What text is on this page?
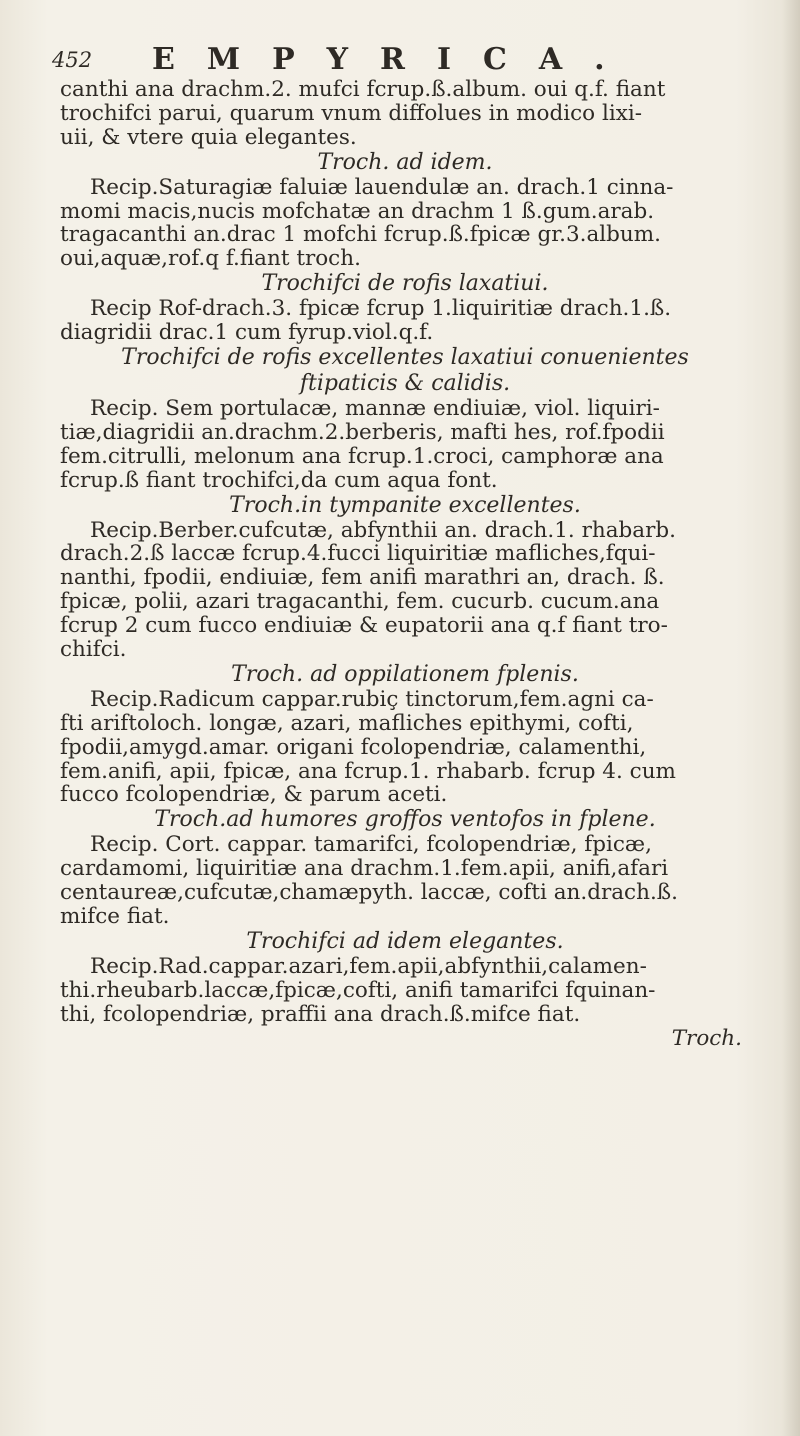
452 EMPYRICA.
canthi ana drachm.2. mufci fcrup.ß.album. oui q.f. fiant
trochifci parui, quarum vnum diffolues in modico lixi-
uii, & vtere quia elegantes.
Troch. ad idem.
Recip.Saturagiæ faluiæ lauendulæ an. drach.1 cinna-
momi macis,nucis mofchatæ an drachm 1 ß.gum.arab.
tragacanthi an.drac 1 mofchi fcrup.ß.fpicæ gr.3.album.
oui,aquæ,rof.q f.fiant troch.
Trochifci de rofis laxatiui.
Recip Rof-drach.3. fpicæ fcrup 1.liquiritiæ drach.1.ß.
diagridii drac.1 cum fyrup.viol.q.f.
Trochifci de rofis excellentes laxatiui conuenientes
ftipaticis & calidis.
Recip. Sem portulacæ, mannæ endiuiæ, viol. liquiri-
tiæ,diagridii an.drachm.2.berberis, mafti hes, rof.fpodii
fem.citrulli, melonum ana fcrup.1.croci, camphoræ ana
fcrup.ß fiant trochifci,da cum aqua font.
Troch.in tympanite excellentes.
Recip.Berber.cufcutæ, abfynthii an. drach.1. rhabarb.
drach.2.ß laccæ fcrup.4.fucci liquiritiæ mafliches,fqui-
nanthi, fpodii, endiuiæ, fem anifi marathri an, drach. ß.
fpicæ, polii, azari tragacanthi, fem. cucurb. cucum.ana
fcrup 2 cum fucco endiuiæ & eupatorii ana q.f fiant tro-
chifci.
Troch. ad oppilationem fplenis.
Recip.Radicum cappar.rubiç tinctorum,fem.agni ca-
fti ariftoloch. longæ, azari, mafliches epithymi, cofti,
fpodii,amygd.amar. origani fcolopendriæ, calamenthi,
fem.anifi, apii, fpicæ, ana fcrup.1. rhabarb. fcrup 4. cum
fucco fcolopendriæ, & parum aceti.
Troch.ad humores groffos ventofos in fplene.
Recip. Cort. cappar. tamarifci, fcolopendriæ, fpicæ,
cardamomi, liquiritiæ ana drachm.1.fem.apii, anifi,afari
centaureæ,cufcutæ,chamæpyth. laccæ, cofti an.drach.ß.
mifce fiat.
Trochifci ad idem elegantes.
Recip.Rad.cappar.azari,fem.apii,abfynthii,calamen-
thi.rheubarb.laccæ,fpicæ,cofti, anifi tamarifci fquinan-
thi, fcolopendriæ, praffii ana drach.ß.mifce fiat.
Troch.
